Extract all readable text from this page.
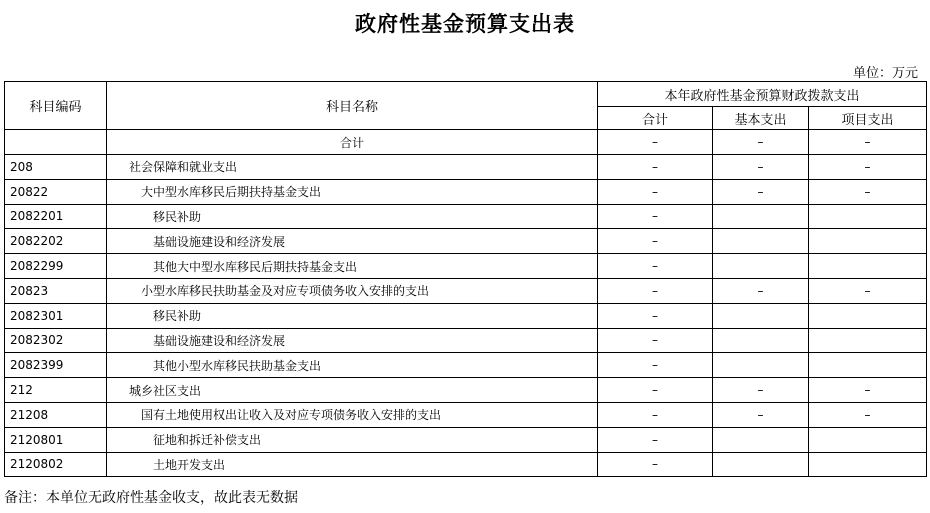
政府性基金预算支出表
单位：万元
科目编码	科目名称	本年政府性基金预算财政拨款支出		
		合计	基本支出	项目支出
	合计	–	–	–
208	社会保障和就业支出	–	–	–
20822	大中型水库移民后期扶持基金支出	–	–	–
2082201	移民补助	–		
2082202	基础设施建设和经济发展	–		
2082299	其他大中型水库移民后期扶持基金支出	–		
20823	小型水库移民扶助基金及对应专项债务收入安排的支出	–	–	–
2082301	移民补助	–		
2082302	基础设施建设和经济发展	–		
2082399	其他小型水库移民扶助基金支出	–		
212	城乡社区支出	–	–	–
21208	国有土地使用权出让收入及对应专项债务收入安排的支出	–	–	–
2120801	征地和拆迁补偿支出	–		
2120802	土地开发支出	–		
备注：本单位无政府性基金收支，故此表无数据
